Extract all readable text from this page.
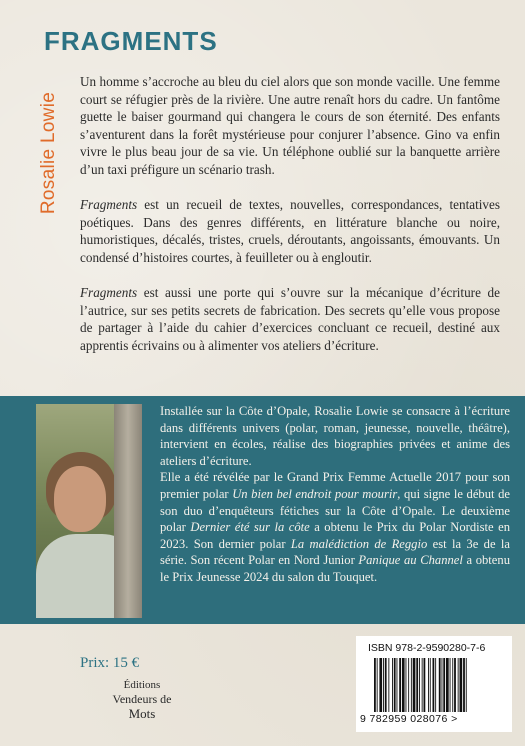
FRAGMENTS
Rosalie Lowie

Un homme s’accroche au bleu du ciel alors que son monde vacille. Une femme court se réfugier près de la rivière. Une autre renaît hors du cadre. Un fantôme guette le baiser gourmand qui changera le cours de son éternité. Des enfants s’aventurent dans la forêt mystérieuse pour conjurer l’absence. Gino va enfin vivre le plus beau jour de sa vie. Un téléphone oublié sur la banquette arrière d’un taxi préfigure un scénario trash.

Fragments est un recueil de textes, nouvelles, correspondances, tentatives poétiques. Dans des genres différents, en littérature blanche ou noire, humoristiques, décalés, tristes, cruels, déroutants, angoissants, émouvants. Un condensé d’histoires courtes, à feuilleter ou à engloutir.

Fragments est aussi une porte qui s’ouvre sur la mécanique d’écriture de l’autrice, sur ses petits secrets de fabrication. Des secrets qu’elle vous propose de partager à l’aide du cahier d’exercices concluant ce recueil, destiné aux apprentis écrivains ou à alimenter vos ateliers d’écriture.

Installée sur la Côte d’Opale, Rosalie Lowie se consacre à l’écriture dans différents univers (polar, roman, jeunesse, nouvelle, théâtre), intervient en écoles, réalise des biographies privées et anime des ateliers d’écriture.
Elle a été révélée par le Grand Prix Femme Actuelle 2017 pour son premier polar Un bien bel endroit pour mourir, qui signe le début de son duo d’enquêteurs fétiches sur la Côte d’Opale. Le deuxième polar Dernier été sur la côte a obtenu le Prix du Polar Nordiste en 2023. Son dernier polar La malédiction de Reggio est la 3e de la série. Son récent Polar en Nord Junior Panique au Channel a obtenu le Prix Jeunesse 2024 du salon du Touquet.
Prix: 15 €
Éditions
Vendeurs de
Mots
ISBN 978-2-9590280-7-6
9 782959 028076 >
